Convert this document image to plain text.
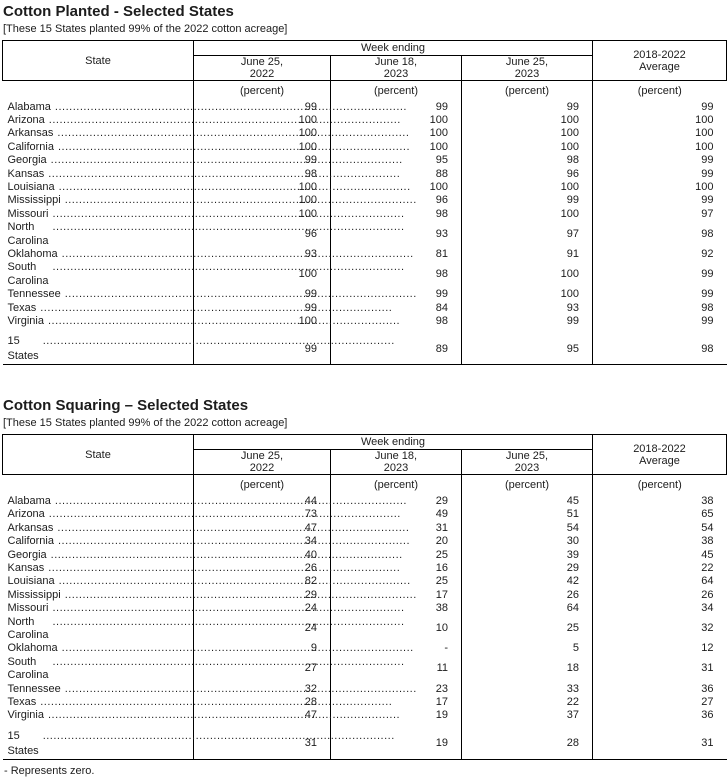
Cotton Planted - Selected States

[These 15 States planted 99% of the 2022 cotton acreage]

State	Week ending			2018-2022 Average
	June 25, 2022	June 18, 2023	June 25, 2023	
	(percent)	(percent)	(percent)	(percent)

Alabama
.....	99	99	99	99

Arizona
.....	100	100	100	100

Arkansas
.....	100	100	100	100

California
.....	100	100	100	100

Georgia
.....	99	95	98	99

Kansas
.....	98	88	96	99

Louisiana
.....	100	100	100	100

Mississippi
.....	100	96	99	99

Missouri
.....	100	98	100	97

North Carolina
.....	96	93	97	98

Oklahoma
.....	93	81	91	92

South Carolina
.....	100	98	100	99

Tennessee
.....	99	99	100	99

Texas
.....	99	84	93	98

Virginia
.....	100	98	99	99

15 States
.....	99	89	95	98
Cotton Squaring – Selected States

[These 15 States planted 99% of the 2022 cotton acreage]

State	Week ending			2018-2022 Average
	June 25, 2022	June 18, 2023	June 25, 2023	
	(percent)	(percent)	(percent)	(percent)

Alabama
.....	44	29	45	38

Arizona
.....	73	49	51	65

Arkansas
.....	47	31	54	54

California
.....	34	20	30	38

Georgia
.....	40	25	39	45

Kansas
.....	26	16	29	22

Louisiana
.....	82	25	42	64

Mississippi
.....	29	17	26	26

Missouri
.....	24	38	64	34

North Carolina
.....	24	10	25	32

Oklahoma
.....	9	-	5	12

South Carolina
.....	27	11	18	31

Tennessee
.....	32	23	33	36

Texas
.....	28	17	22	27

Virginia
.....	47	19	37	36

15 States
.....	31	19	28	31

- Represents zero.
